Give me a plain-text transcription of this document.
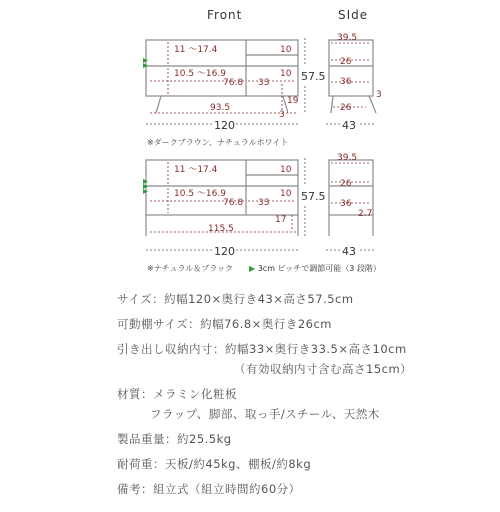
Front	SIde
11 ～17.4
10.5 ～16.9
76.8
10
10
33
19
3
93.5
120
57.5
39.5
26
36
26
3
43
11 ～17.4
10.5 ～16.9
76.8
10
10
33
17
115.5
120
57.5
39.5
26
36
2.7
43
※ダークブラウン、ナチュラルホワイト
※ナチュラル＆ブラック ▶ 3cm ピッチで調節可能（3 段階）
サイズ：約幅120×奥行き43×高さ57.5cm
可動棚サイズ：約幅76.8×奥行き26cm
引き出し収納内寸：約幅33×奥行き33.5×高さ10cm
（有効収納内寸含む高さ15cm）
材質：メラミン化粧板
フラップ、脚部、取っ手/スチール、天然木
製品重量：約25.5kg
耐荷重：天板/約45kg、棚板/約8kg
備考：組立式（組立時間約60分）
